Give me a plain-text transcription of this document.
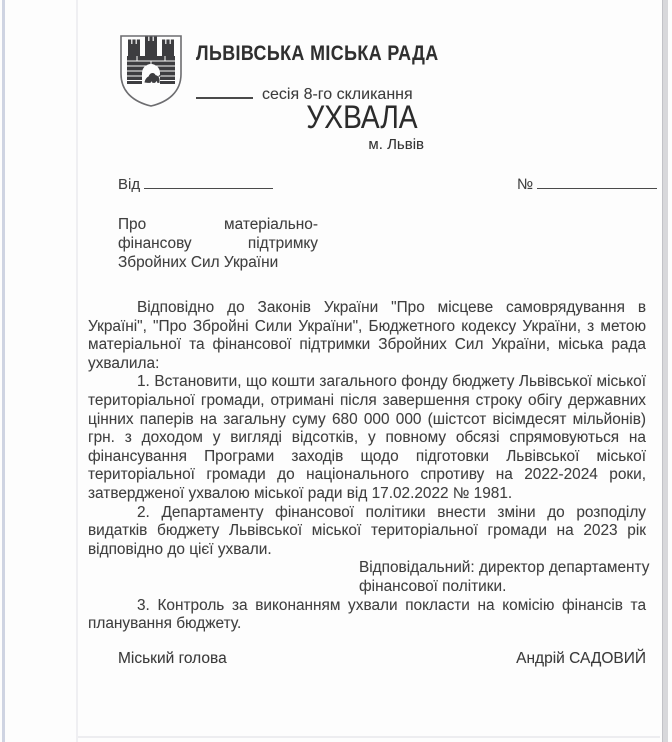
ЛЬВІВСЬКА МІСЬКА РАДА
сесія 8-го скликання
УХВАЛА
м. Львів
Від	№
Про матеріально-фінансову підтримку Збройних Сил України

Відповідно до Законів України "Про місцеве самоврядування в Україні", "Про Збройні Сили України", Бюджетного кодексу України, з метою матеріальної та фінансової підтримки Збройних Сил України, міська рада ухвалила:

1. Встановити, що кошти загального фонду бюджету Львівської міської територіальної громади, отримані після завершення строку обігу державних цінних паперів на загальну суму 680 000 000 (шістсот вісімдесят мільйонів) грн. з доходом у вигляді відсотків, у повному обсязі спрямовуються на фінансування Програми заходів щодо підготовки Львівської міської територіальної громади до національного спротиву на 2022-2024 роки, затвердженої ухвалою міської ради від 17.02.2022 № 1981.

2. Департаменту фінансової політики внести зміни до розподілу видатків бюджету Львівської міської територіальної громади на 2023 рік відповідно до цієї ухвали.

Відповідальний: директор департаменту
фінансової політики.

3. Контроль за виконанням ухвали покласти на комісію фінансів та планування бюджету.

Міський голова	Андрій САДОВИЙ
